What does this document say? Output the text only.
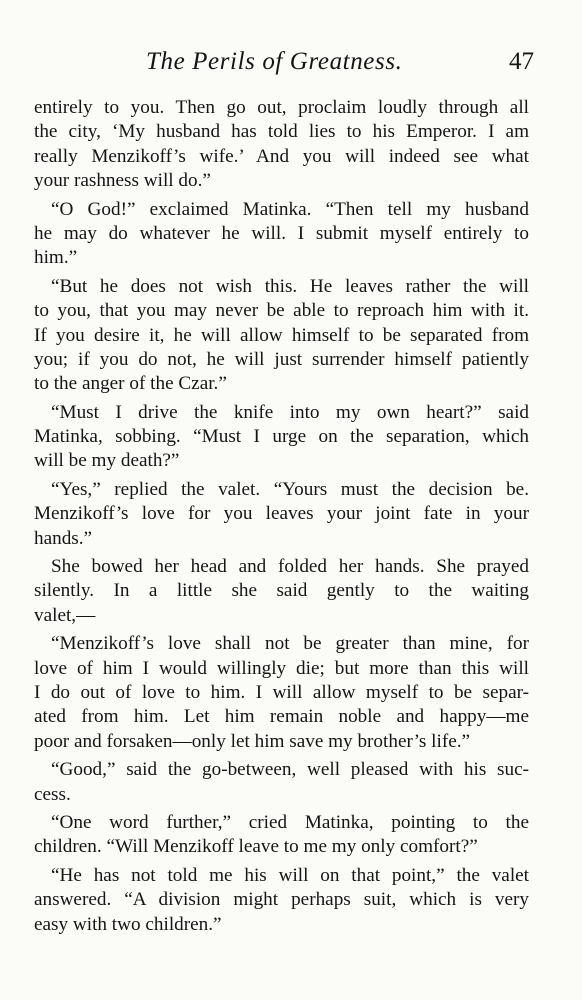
The Perils of Greatness.	47
entirely to you. Then go out, proclaim loudly through all
the city, ‘My husband has told lies to his Emperor. I am
really Menzikoff’s wife.’ And you will indeed see what
your rashness will do.”
“O God!” exclaimed Matinka. “Then tell my husband
he may do whatever he will. I submit myself entirely to
him.”
“But he does not wish this. He leaves rather the will
to you, that you may never be able to reproach him with it.
If you desire it, he will allow himself to be separated from
you; if you do not, he will just surrender himself patiently
to the anger of the Czar.”
“Must I drive the knife into my own heart?” said
Matinka, sobbing. “Must I urge on the separation, which
will be my death?”
“Yes,” replied the valet. “Yours must the decision be.
Menzikoff’s love for you leaves your joint fate in your
hands.”
She bowed her head and folded her hands. She prayed
silently. In a little she said gently to the waiting
valet,—
“Menzikoff’s love shall not be greater than mine, for
love of him I would willingly die; but more than this will
I do out of love to him. I will allow myself to be separ-
ated from him. Let him remain noble and happy—me
poor and forsaken—only let him save my brother’s life.”
“Good,” said the go-between, well pleased with his suc-
cess.
“One word further,” cried Matinka, pointing to the
children. “Will Menzikoff leave to me my only comfort?”
“He has not told me his will on that point,” the valet
answered. “A division might perhaps suit, which is very
easy with two children.”
